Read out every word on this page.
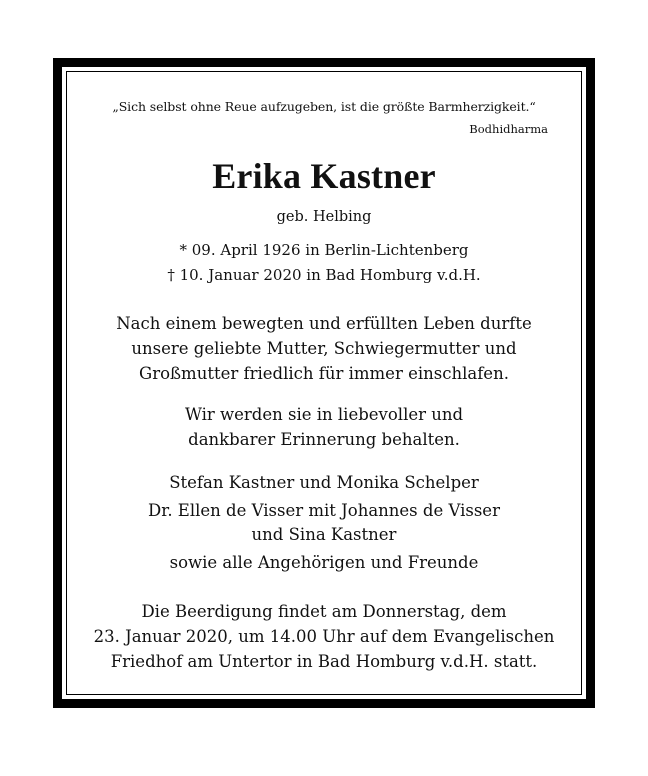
„Sich selbst ohne Reue aufzugeben, ist die größte Barmherzigkeit.“
Bodhidharma
Erika Kastner
geb. Helbing
* 09. April 1926 in Berlin-Lichtenberg
† 10. Januar 2020 in Bad Homburg v.d.H.
Nach einem bewegten und erfüllten Leben durfte
unsere geliebte Mutter, Schwiegermutter und
Großmutter friedlich für immer einschlafen.
Wir werden sie in liebevoller und
dankbarer Erinnerung behalten.
Stefan Kastner und Monika Schelper
Dr. Ellen de Visser mit Johannes de Visser
und Sina Kastner
sowie alle Angehörigen und Freunde
Die Beerdigung findet am Donnerstag, dem
23. Januar 2020, um 14.00 Uhr auf dem Evangelischen
Friedhof am Untertor in Bad Homburg v.d.H. statt.
